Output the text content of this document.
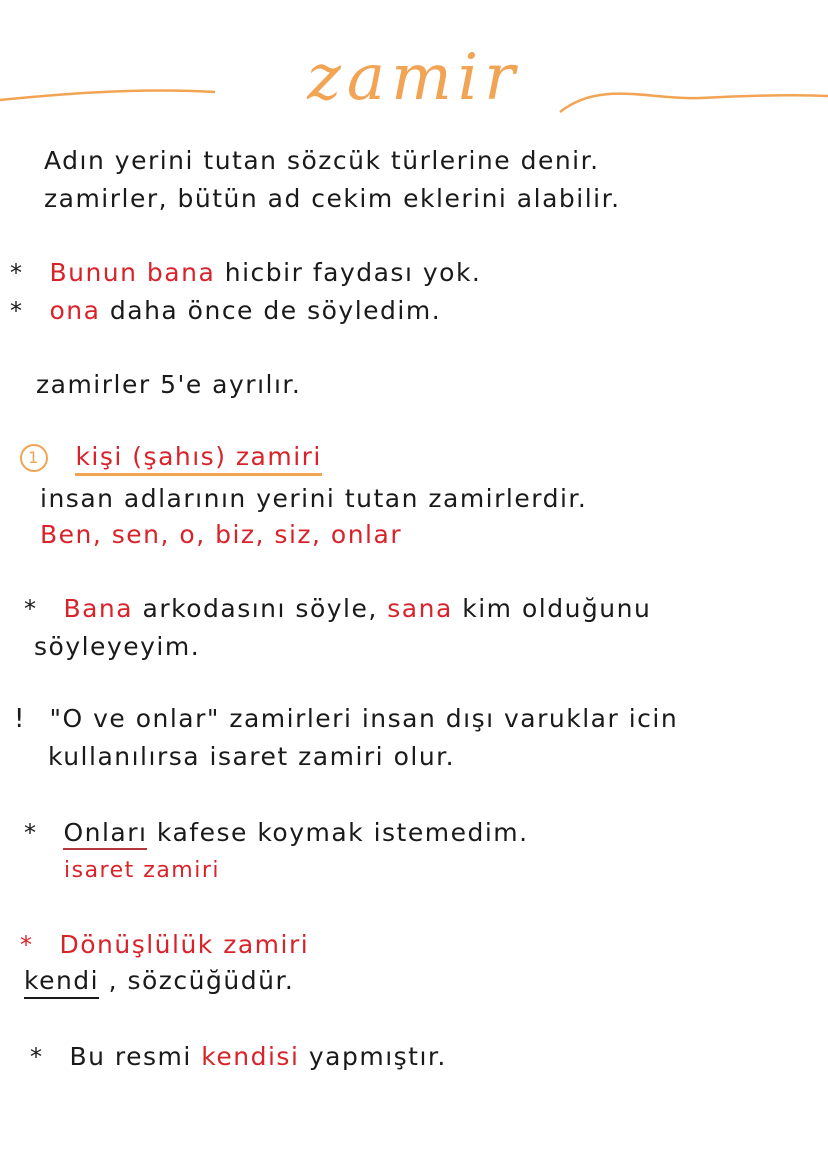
zamir
Adın yerini tutan sözcük türlerine denir.
zamirler, bütün ad cekim eklerini alabilir.
* Bunun bana hicbir faydası yok.
* ona daha önce de söyledim.
zamirler 5'e ayrılır.
1 kişi (şahıs) zamiri
insan adlarının yerini tutan zamirlerdir.
Ben, sen, o, biz, siz, onlar
* Bana arkodasını söyle, sana kim olduğunu
söyleyeyim.
! "O ve onlar" zamirleri insan dışı varuklar icin
kullanılırsa isaret zamiri olur.
* Onları kafese koymak istemedim.
isaret zamiri
* Dönüşlülük zamiri
kendi , sözcüğüdür.
* Bu resmi kendisi yapmıştır.
